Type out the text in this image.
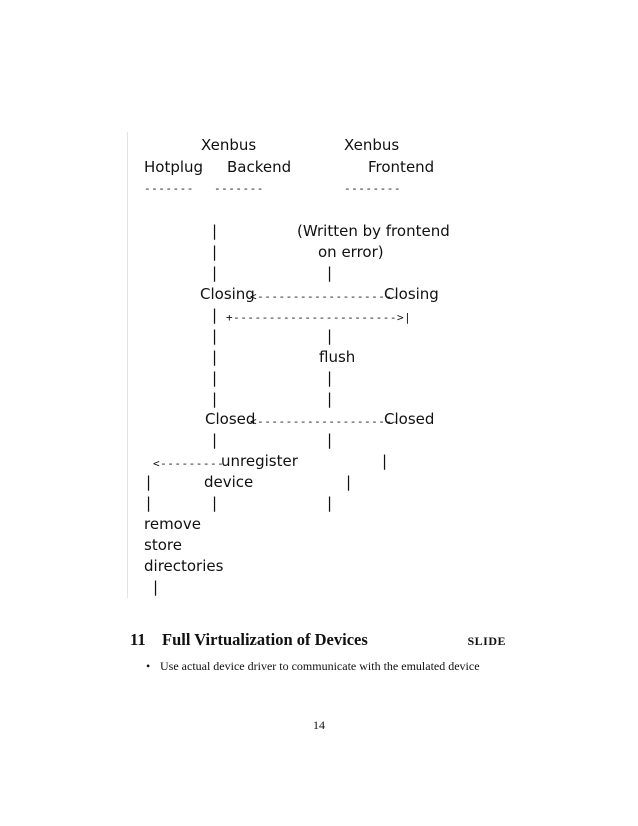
Xenbus	Xenbus
Hotplug Backend	Frontend
------- -------	--------
|	(Written by frontend
|	on error)
|	|
Closing
<--------------------
Closing
| +----------------------->|
|	|
|	flush
|	|
|	|
Closed
<--------------------
Closed
|	|
<---------
unregister	|
|	device	|
|	|	|
remove
store
directories
|
11 Full Virtualization of Devices	slide
• Use actual device driver to communicate with the emulated device
14
